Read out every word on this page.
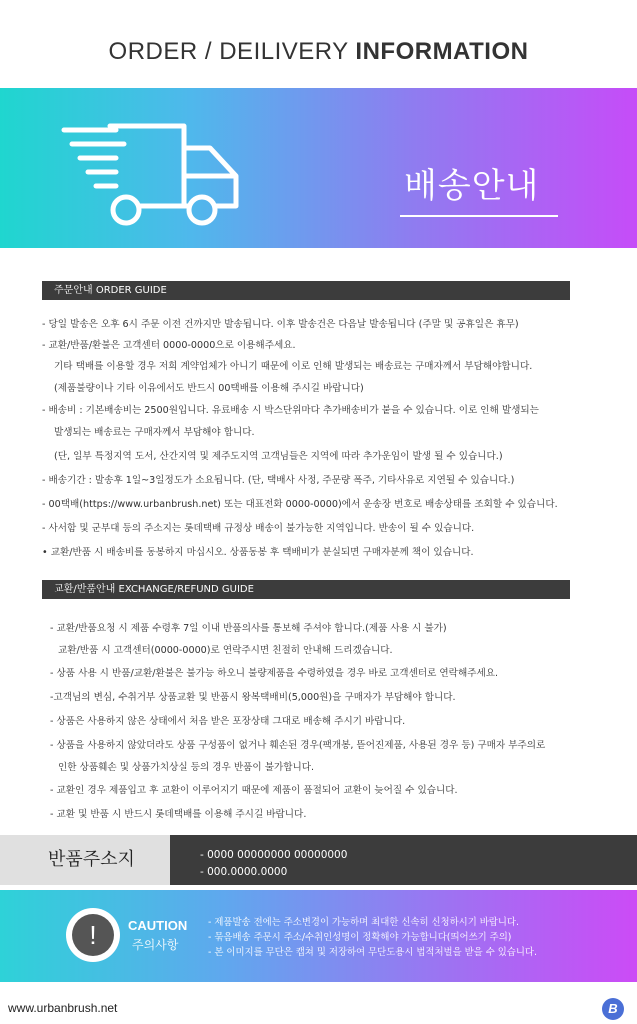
ORDER / DEILIVERY INFORMATION
배송안내
주문안내 ORDER GUIDE
- 당일 발송은 오후 6시 주문 이전 건까지만 발송됩니다. 이후 발송건은 다음날 발송됩니다 (주말 및 공휴일은 휴무)
- 교환/반품/환불은 고객센터 0000-0000으로 이용해주세요.
기타 택배를 이용할 경우 저희 계약업체가 아니기 때문에 이로 인해 발생되는 배송료는 구매자께서 부담해야합니다.
(제품불량이나 기타 이유에서도 반드시 00택배를 이용해 주시길 바랍니다)
- 배송비 : 기본배송비는 2500원입니다. 유료배송 시 박스단위마다 추가배송비가 붙을 수 있습니다. 이로 인해 발생되는
발생되는 배송료는 구매자께서 부담해야 합니다.
(단, 일부 특정지역 도서, 산간지역 및 제주도지역 고객님들은 지역에 따라 추가운임이 발생 될 수 있습니다.)
- 배송기간 : 발송후 1일~3일정도가 소요됩니다. (단, 택배사 사정, 주문량 폭주, 기타사유로 지연될 수 있습니다.)
- 00택배(https://www.urbanbrush.net) 또는 대표전화 0000-0000)에서 운송장 번호로 배송상태를 조회할 수 있습니다.
- 사서함 및 군부대 등의 주소지는 롯데택배 규정상 배송이 불가능한 지역입니다. 반송이 될 수 있습니다.
• 교환/반품 시 배송비를 동봉하지 마십시오. 상품동봉 후 택배비가 분실되면 구매자분께 책이 있습니다.
교환/반품안내 EXCHANGE/REFUND GUIDE
- 교환/반품요청 시 제품 수령후 7일 이내 반품의사를 통보해 주셔야 합니다.(제품 사용 시 불가)
교환/반품 시 고객센터(0000-0000)로 연락주시면 친절히 안내해 드리겠습니다.
- 상품 사용 시 반품/교환/환불은 불가능 하오니 불량제품을 수령하였을 경우 바로 고객센터로 연락해주세요.
-고객님의 변심, 수취거부 상품교환 및 반품시 왕복택배비(5,000원)을 구매자가 부담해야 합니다.
- 상품은 사용하지 않은 상태에서 처음 받은 포장상태 그대로 배송해 주시기 바랍니다.
- 상품을 사용하지 않았더라도 상품 구성품이 없거나 훼손된 경우(팩개봉, 뜯어진제품, 사용된 경우 등) 구매자 부주의로
인한 상품훼손 및 상품가치상실 등의 경우 반품이 불가합니다.
- 교환인 경우 제품입고 후 교환이 이루어지기 때문에 제품이 품절되어 교환이 늦어질 수 있습니다.
- 교환 및 반품 시 반드시 롯데택배를 이용해 주시길 바랍니다.
반품주소지	- 0000 00000000 00000000
- 000.0000.0000
!	CAUTION
주의사항
- 제품발송 전에는 주소변경이 가능하며 최대한 신속히 신청하시기 바랍니다.
- 묶음배송 주문시 주소/수취인성명이 정확해야 가능합니다(띄어쓰기 주의)
- 본 이미지를 무단은 캡쳐 및 저장하여 무단도용시 법적처벌을 받을 수 있습니다.
www.urbanbrush.net	B
